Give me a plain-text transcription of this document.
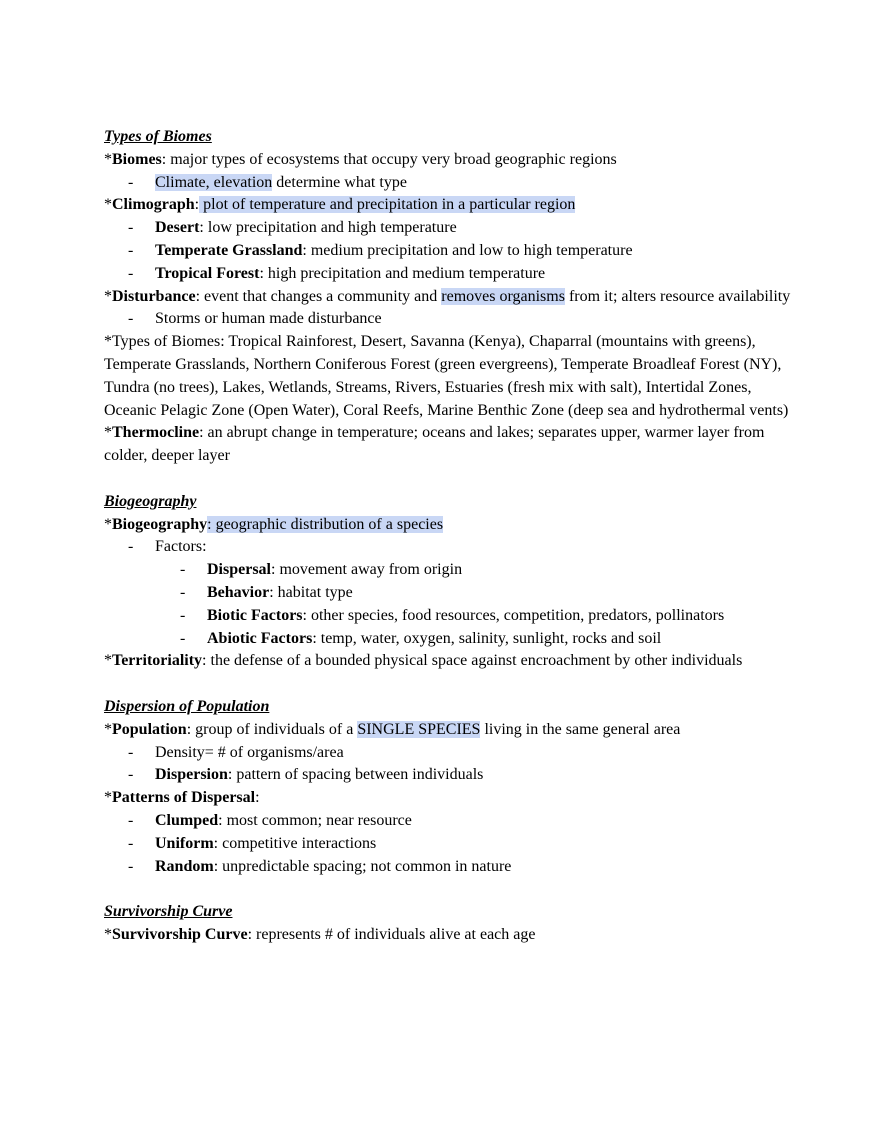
Types of Biomes
*Biomes: major types of ecosystems that occupy very broad geographic regions
- Climate, elevation determine what type
*Climograph: plot of temperature and precipitation in a particular region
- Desert: low precipitation and high temperature
- Temperate Grassland: medium precipitation and low to high temperature
- Tropical Forest: high precipitation and medium temperature
*Disturbance: event that changes a community and removes organisms from it; alters resource availability
- Storms or human made disturbance
*Types of Biomes: Tropical Rainforest, Desert, Savanna (Kenya), Chaparral (mountains with greens), Temperate Grasslands, Northern Coniferous Forest (green evergreens), Temperate Broadleaf Forest (NY), Tundra (no trees), Lakes, Wetlands, Streams, Rivers, Estuaries (fresh mix with salt), Intertidal Zones, Oceanic Pelagic Zone (Open Water), Coral Reefs, Marine Benthic Zone (deep sea and hydrothermal vents)
*Thermocline: an abrupt change in temperature; oceans and lakes; separates upper, warmer layer from colder, deeper layer
Biogeography
*Biogeography: geographic distribution of a species
- Factors:
- Dispersal: movement away from origin
- Behavior: habitat type
- Biotic Factors: other species, food resources, competition, predators, pollinators
- Abiotic Factors: temp, water, oxygen, salinity, sunlight, rocks and soil
*Territoriality: the defense of a bounded physical space against encroachment by other individuals
Dispersion of Population
*Population: group of individuals of a SINGLE SPECIES living in the same general area
- Density= # of organisms/area
- Dispersion: pattern of spacing between individuals
*Patterns of Dispersal:
- Clumped: most common; near resource
- Uniform: competitive interactions
- Random: unpredictable spacing; not common in nature
Survivorship Curve
*Survivorship Curve: represents # of individuals alive at each age
